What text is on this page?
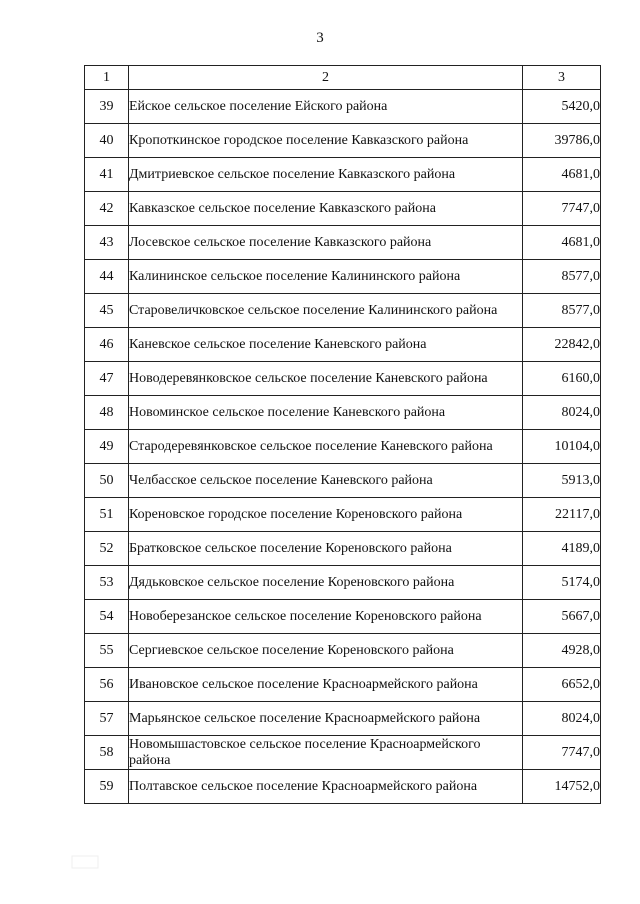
3
1	2	3
39	Ейское сельское поселение Ейского района	5420,0
40	Кропоткинское городское поселение Кавказского района	39786,0
41	Дмитриевское сельское поселение Кавказского района	4681,0
42	Кавказское сельское поселение Кавказского района	7747,0
43	Лосевское сельское поселение Кавказского района	4681,0
44	Калининское сельское поселение Калининского района	8577,0
45	Старовеличковское сельское поселение Калининского района	8577,0
46	Каневское сельское поселение Каневского района	22842,0
47	Новодеревянковское сельское поселение Каневского района	6160,0
48	Новоминское сельское поселение Каневского района	8024,0
49	Стародеревянковское сельское поселение Каневского района	10104,0
50	Челбасское сельское поселение Каневского района	5913,0
51	Кореновское городское поселение Кореновского района	22117,0
52	Братковское сельское поселение Кореновского района	4189,0
53	Дядьковское сельское поселение Кореновского района	5174,0
54	Новоберезанское сельское поселение Кореновского района	5667,0
55	Сергиевское сельское поселение Кореновского района	4928,0
56	Ивановское сельское поселение Красноармейского района	6652,0
57	Марьянское сельское поселение Красноармейского района	8024,0
58	Новомышастовское сельское поселение Красноармейского района	7747,0
59	Полтавское сельское поселение Красноармейского района	14752,0
